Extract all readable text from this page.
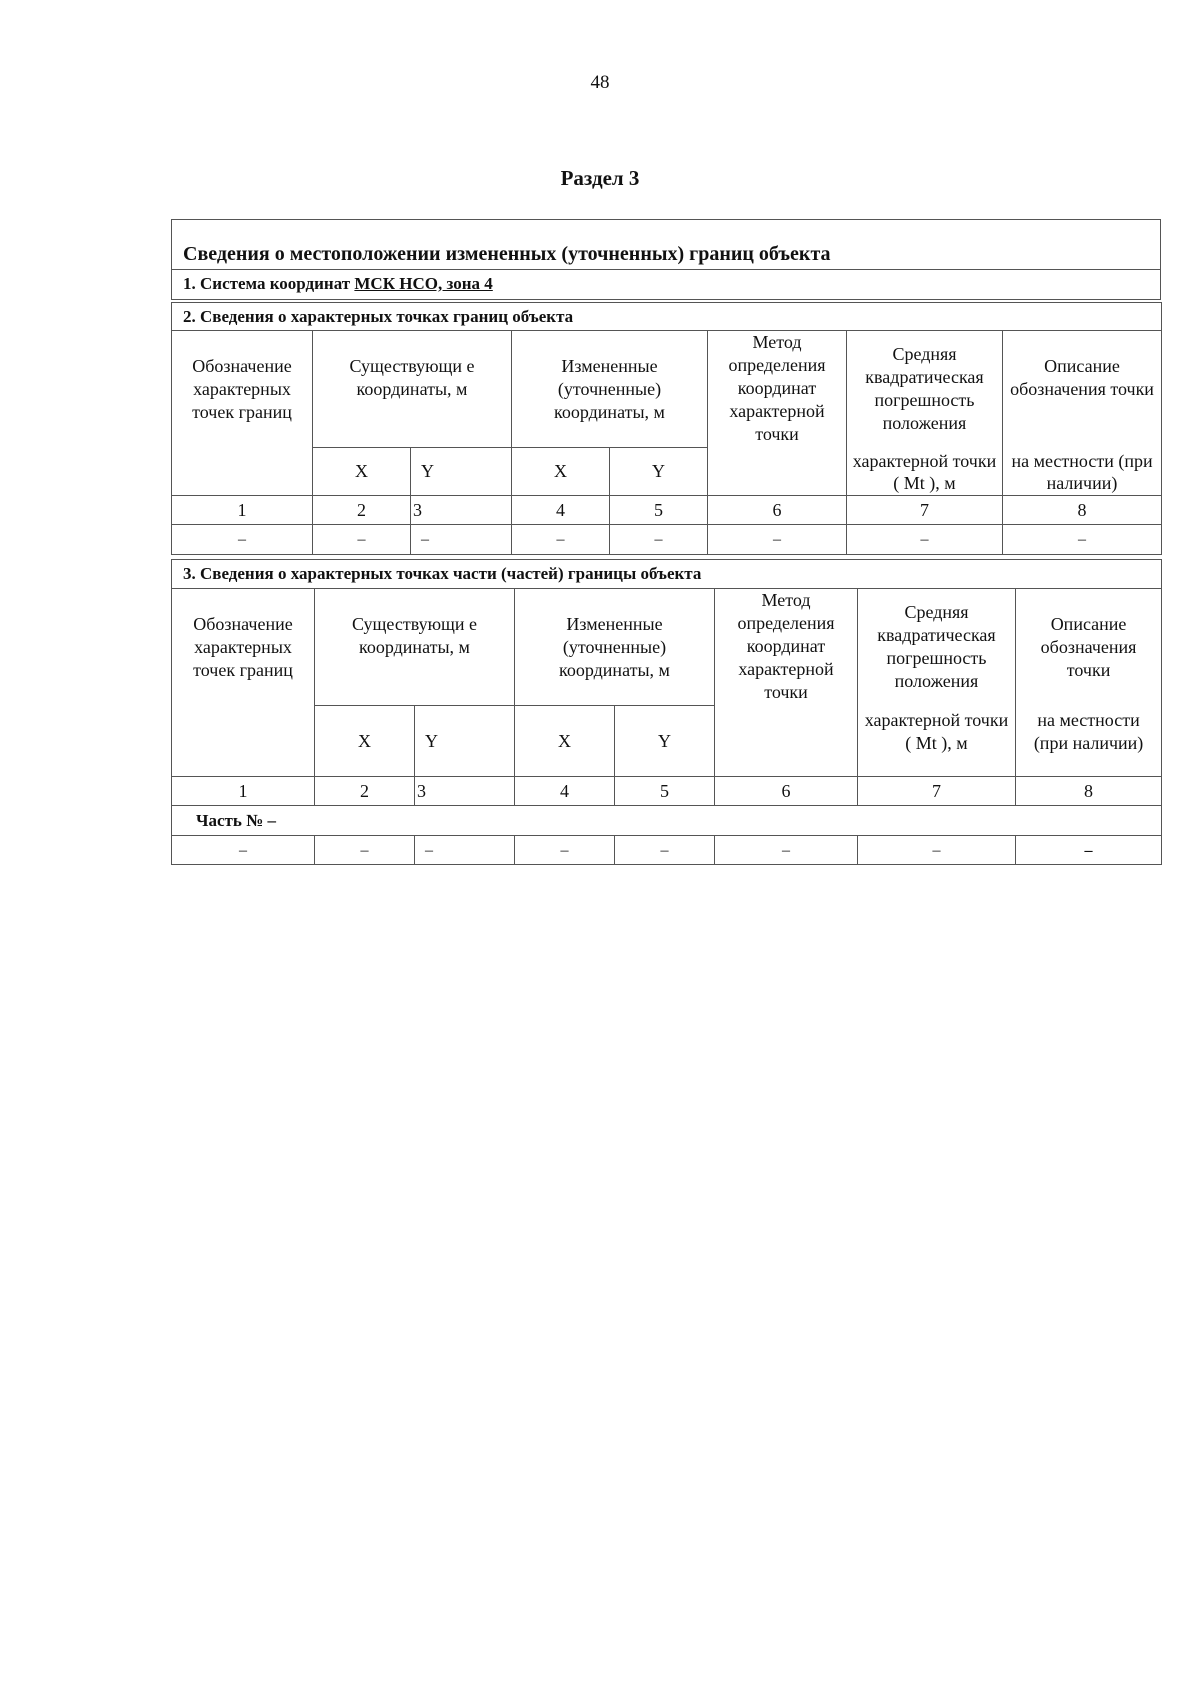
48
Раздел 3
Сведения о местоположении измененных (уточненных) границ объекта
1. Система координат МСК НСО, зона 4
2. Сведения о характерных точках границ объекта							
Обозначение характерных точек границ	Существующи е координаты, м		Измененные (уточненные) координаты, м		Метод определения координат характерной точки	Средняя квадратическая погрешность положения	Описание обозначения точки
	X	Y	X	Y		характерной точки ( Mt ), м	на местности (при наличии)
1	2	3	4	5	6	7	8
–	–	–	–	–	–	–	–
3. Сведения о характерных точках части (частей) границы объекта							
Обозначение характерных точек границ	Существующи е координаты, м		Измененные (уточненные) координаты, м		Метод определения координат характерной точки	Средняя квадратическая погрешность положения	Описание обозначения точки
	X	Y	X	Y		характерной точки ( Mt ), м	на местности (при наличии)
1	2	3	4	5	6	7	8
Часть № –							
–	–	–	–	–	–	–	–
